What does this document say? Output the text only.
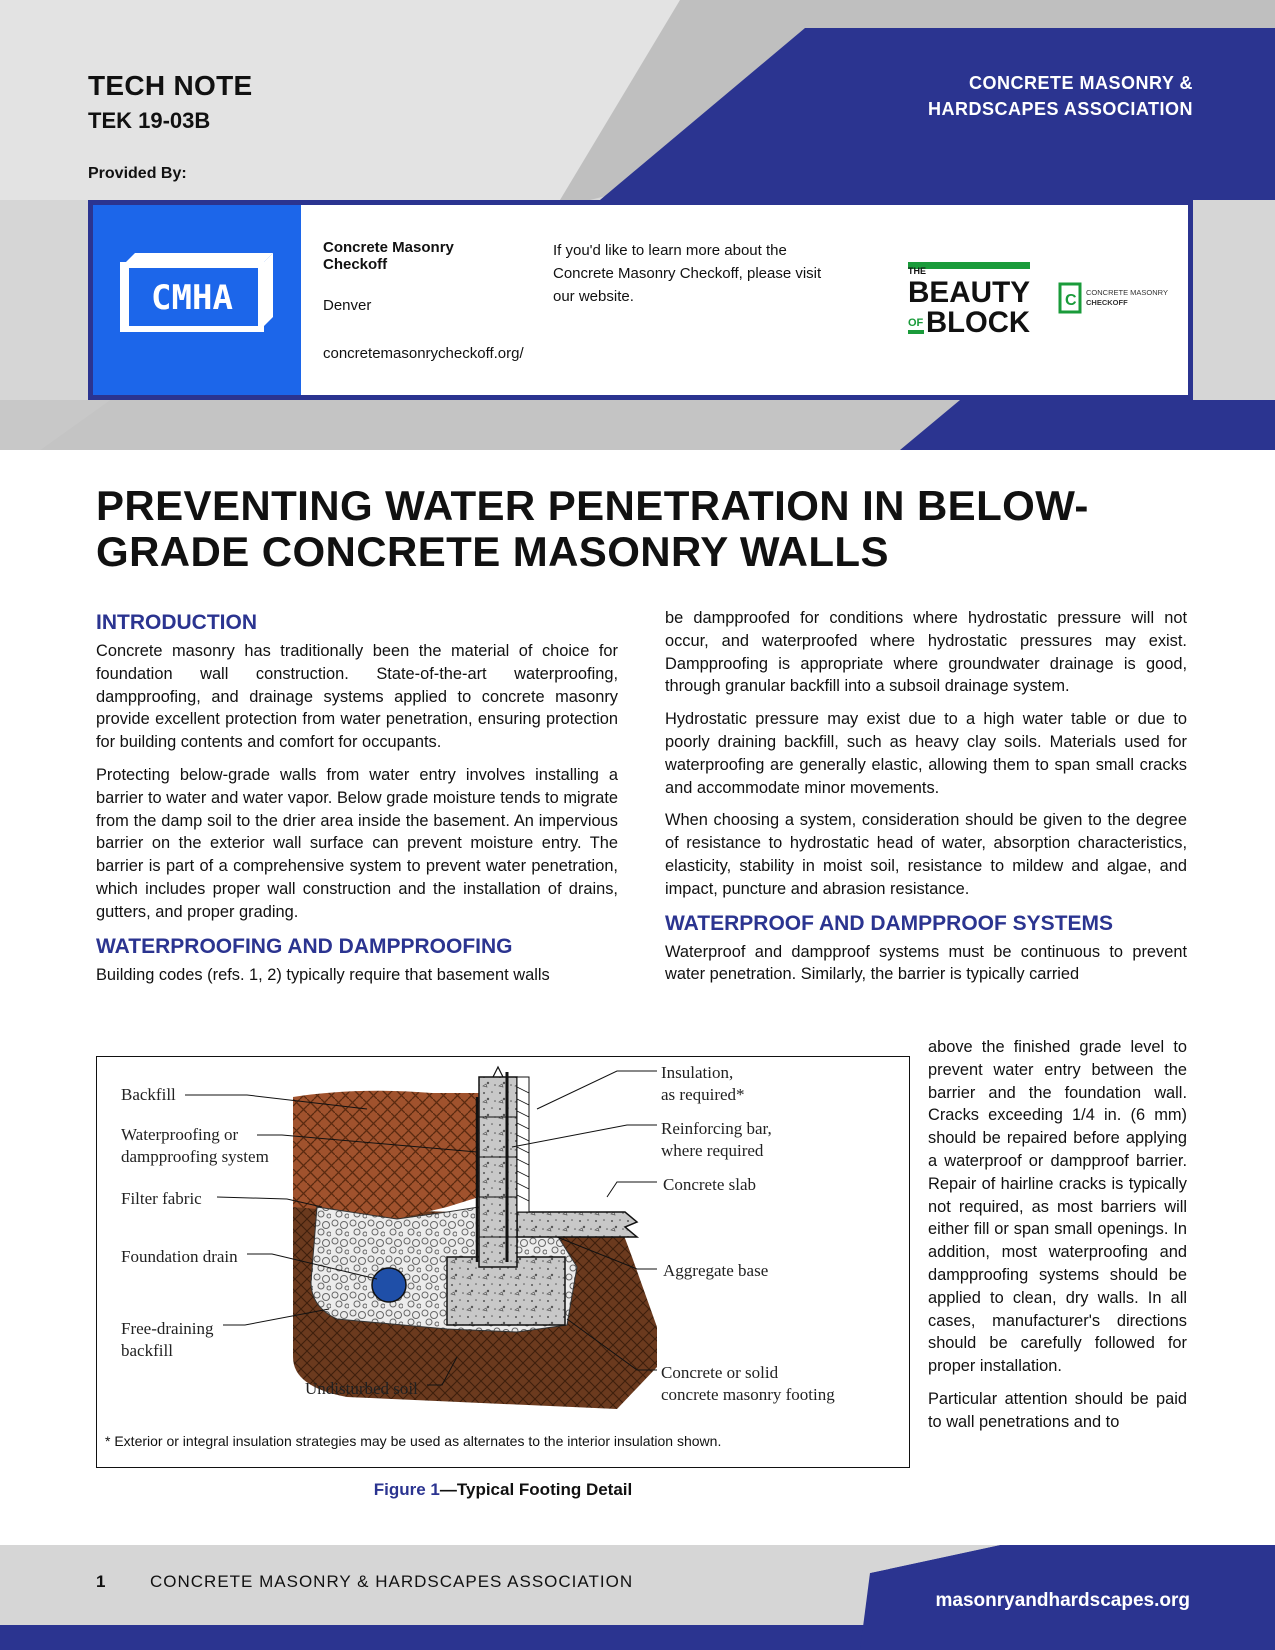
TECH NOTE
TEK 19-03B
CONCRETE MASONRY &
HARDSCAPES ASSOCIATION
Provided By:
CMHA
Concrete Masonry Checkoff
Denver
concretemasonrycheckoff.org/
If you'd like to learn more about the Concrete Masonry Checkoff, please visit our website.
THE
BEAUTY
OF BLOCK
C CONCRETE MASONRY
CHECKOFF
PREVENTING WATER PENETRATION IN BELOW-GRADE CONCRETE MASONRY WALLS
INTRODUCTION

Concrete masonry has traditionally been the material of choice for foundation wall construction. State-of-the-art waterproofing, dampproofing, and drainage systems applied to concrete masonry provide excellent protection from water penetration, ensuring protection for building contents and comfort for occupants.

Protecting below-grade walls from water entry involves installing a barrier to water and water vapor. Below grade moisture tends to migrate from the damp soil to the drier area inside the basement. An impervious barrier on the exterior wall surface can prevent moisture entry. The barrier is part of a comprehensive system to prevent water penetration, which includes proper wall construction and the installation of drains, gutters, and proper grading.

WATERPROOFING AND DAMPPROOFING

Building codes (refs. 1, 2) typically require that basement walls

be dampproofed for conditions where hydrostatic pressure will not occur, and waterproofed where hydrostatic pressures may exist. Dampproofing is appropriate where groundwater drainage is good, through granular backfill into a subsoil drainage system.

Hydrostatic pressure may exist due to a high water table or due to poorly draining backfill, such as heavy clay soils. Materials used for waterproofing are generally elastic, allowing them to span small cracks and accommodate minor movements.

When choosing a system, consideration should be given to the degree of resistance to hydrostatic head of water, absorption characteristics, elasticity, stability in moist soil, resistance to mildew and algae, and impact, puncture and abrasion resistance.

WATERPROOF AND DAMPPROOF SYSTEMS

Waterproof and dampproof systems must be continuous to prevent water penetration. Similarly, the barrier is typically carried

above the finished grade level to prevent water entry between the barrier and the foundation wall. Cracks exceeding 1/4 in. (6 mm) should be repaired before applying a waterproof or dampproof barrier. Repair of hairline cracks is typically not required, as most barriers will either fill or span small openings. In addition, most waterproofing and dampproofing systems should be applied to clean, dry walls. In all cases, manufacturer's directions should be carefully followed for proper installation.

Particular attention should be paid to wall penetrations and to

Backfill
Waterproofing or
dampproofing system
Filter fabric
Foundation drain
Free-draining
backfill
Undisturbed soil
Insulation,
as required*
Reinforcing bar,
where required
Concrete slab
Aggregate base
Concrete or solid
concrete masonry footing
* Exterior or integral insulation strategies may be used as alternates to the interior insulation shown.
Figure 1—Typical Footing Detail
1	CONCRETE MASONRY & HARDSCAPES ASSOCIATION
masonryandhardscapes.org
